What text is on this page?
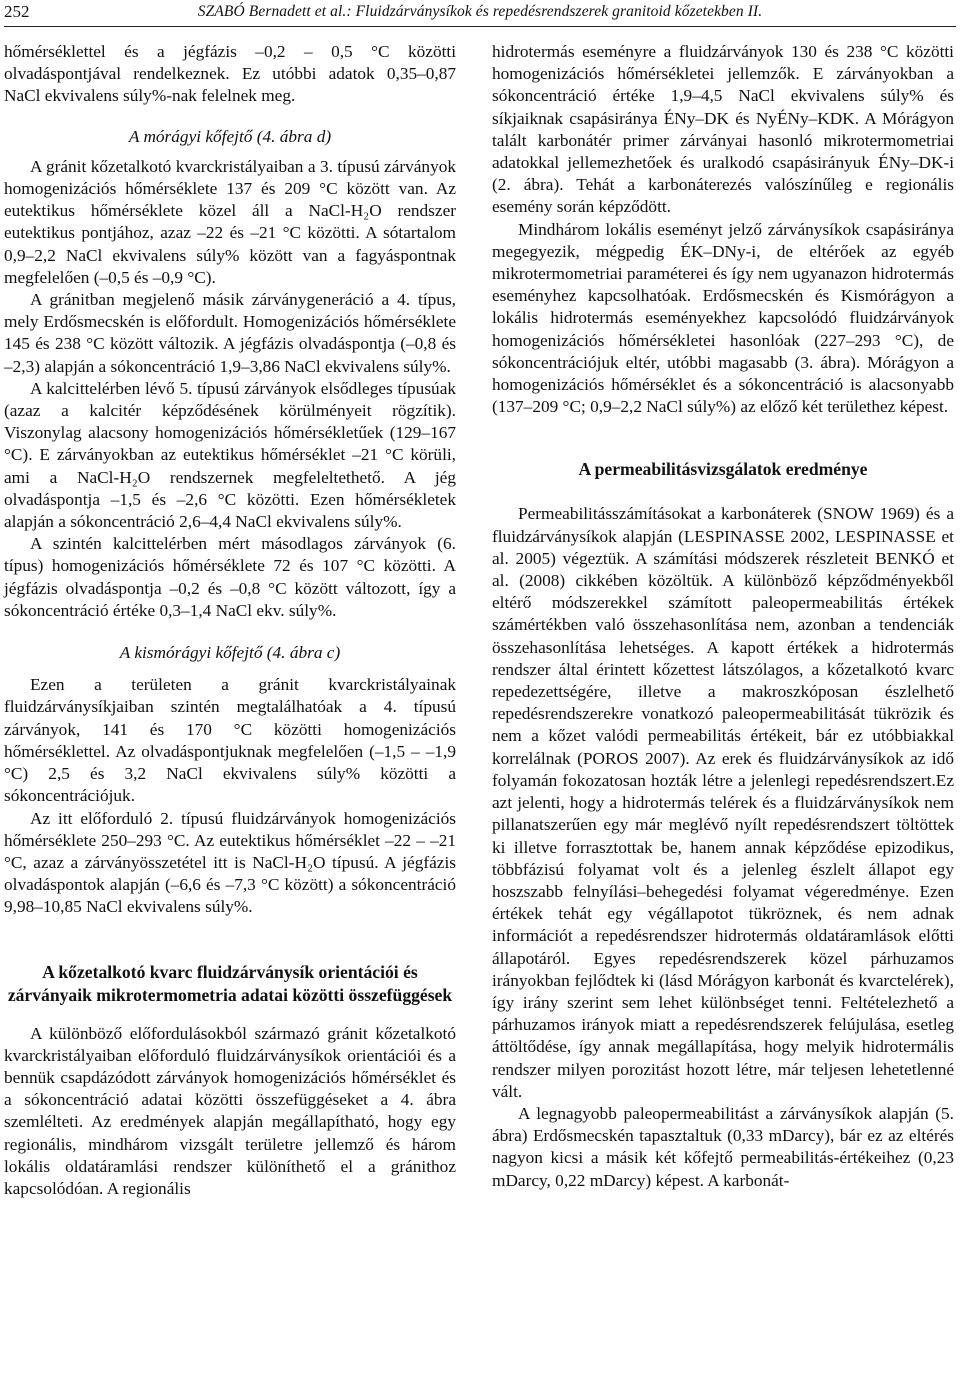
252	SZABÓ Bernadett et al.: Fluidzárványsíkok és repedésrendszerek granitoid kőzetekben II.

hőmérséklettel és a jégfázis –0,2 – 0,5 °C közötti olvadáspontjával rendelkeznek. Ez utóbbi adatok 0,35–0,87 NaCl ekvivalens súly%-nak felelnek meg.

A mórágyi kőfejtő (4. ábra d)

A gránit kőzetalkotó kvarckristályaiban a 3. típusú zárványok homogenizációs hőmérséklete 137 és 209 °C között van. Az eutektikus hőmérséklete közel áll a NaCl-H₂O rendszer eutektikus pontjához, azaz –22 és –21 °C közötti. A sótartalom 0,9–2,2 NaCl ekvivalens súly% között van a fagyáspontnak megfelelően (–0,5 és –0,9 °C).

A gránitban megjelenő másik zárványgeneráció a 4. típus, mely Erdősmecskén is előfordult. Homogenizációs hőmérséklete 145 és 238 °C között változik. A jégfázis olvadáspontja (–0,8 és –2,3) alapján a sókoncentráció 1,9–3,86 NaCl ekvivalens súly%.

A kalcittelérben lévő 5. típusú zárványok elsődleges típusúak (azaz a kalcitér képződésének körülményeit rögzítik). Viszonylag alacsony homogenizációs hőmérsékletűek (129–167 °C). E zárványokban az eutektikus hőmérséklet –21 °C körüli, ami a NaCl-H₂O rendszernek megfeleltethető. A jég olvadáspontja –1,5 és –2,6 °C közötti. Ezen hőmérsékletek alapján a sókoncentráció 2,6–4,4 NaCl ekvivalens súly%.

A szintén kalcittelérben mért másodlagos zárványok (6. típus) homogenizációs hőmérséklete 72 és 107 °C közötti. A jégfázis olvadáspontja –0,2 és –0,8 °C között változott, így a sókoncentráció értéke 0,3–1,4 NaCl ekv. súly%.

A kismórágyi kőfejtő (4. ábra c)

Ezen a területen a gránit kvarckristályainak fluidzárványsíkjaiban szintén megtalálhatóak a 4. típusú zárványok, 141 és 170 °C közötti homogenizációs hőmérséklettel. Az olvadáspontjuknak megfelelően (–1,5 – –1,9 °C) 2,5 és 3,2 NaCl ekvivalens súly% közötti a sókoncentrációjuk.

Az itt előforduló 2. típusú fluidzárványok homogenizációs hőmérséklete 250–293 °C. Az eutektikus hőmérséklet –22 – –21 °C, azaz a zárványösszetétel itt is NaCl-H₂O típusú. A jégfázis olvadáspontok alapján (–6,6 és –7,3 °C között) a sókoncentráció 9,98–10,85 NaCl ekvivalens súly%.

A kőzetalkotó kvarc fluidzárványsík orientációi és zárványaik mikrotermometria adatai közötti összefüggések

A különböző előfordulásokból származó gránit kőzetalkotó kvarckristályaiban előforduló fluidzárványsíkok orientációi és a bennük csapdázódott zárványok homogenizációs hőmérséklet és a sókoncentráció adatai közötti összefüggéseket a 4. ábra szemlélteti. Az eredmények alapján megállapítható, hogy egy regionális, mindhárom vizsgált területre jellemző és három lokális oldatáramlási rendszer különíthető el a gránithoz kapcsolódóan. A regionális

hidrotermás eseményre a fluidzárványok 130 és 238 °C közötti homogenizációs hőmérsékletei jellemzők. E zárványokban a sókoncentráció értéke 1,9–4,5 NaCl ekvivalens súly% és síkjaiknak csapásiránya ÉNy–DK és NyÉNy–KDK. A Mórágyon talált karbonátér primer zárványai hasonló mikrotermometriai adatokkal jellemezhetőek és uralkodó csapásirányuk ÉNy–DK-i (2. ábra). Tehát a karbonáterezés valószínűleg e regionális esemény során képződött.

Mindhárom lokális eseményt jelző zárványsíkok csapásiránya megegyezik, mégpedig ÉK–DNy-i, de eltérőek az egyéb mikrotermometriai paraméterei és így nem ugyanazon hidrotermás eseményhez kapcsolhatóak. Erdősmecskén és Kismórágyon a lokális hidrotermás eseményekhez kapcsolódó fluidzárványok homogenizációs hőmérsékletei hasonlóak (227–293 °C), de sókoncentrációjuk eltér, utóbbi magasabb (3. ábra). Mórágyon a homogenizációs hőmérséklet és a sókoncentráció is alacsonyabb (137–209 °C; 0,9–2,2 NaCl súly%) az előző két területhez képest.

A permeabilitásvizsgálatok eredménye

Permeabilitásszámításokat a karbonáterek (SNOW 1969) és a fluidzárványsíkok alapján (LESPINASSE 2002, LESPINASSE et al. 2005) végeztük. A számítási módszerek részleteit BENKÓ et al. (2008) cikkében közöltük. A különböző képződményekből eltérő módszerekkel számított paleopermeabilitás értékek számértékben való összehasonlítása nem, azonban a tendenciák összehasonlítása lehetséges. A kapott értékek a hidrotermás rendszer által érintett kőzettest látszólagos, a kőzetalkotó kvarc repedezettségére, illetve a makroszkóposan észlelhető repedésrendszerekre vonatkozó paleopermeabilitását tükrözik és nem a kőzet valódi permeabilitás értékeit, bár ez utóbbiakkal korrelálnak (POROS 2007). Az erek és fluidzárványsíkok az idő folyamán fokozatosan hozták létre a jelenlegi repedésrendszert.Ez azt jelenti, hogy a hidrotermás telérek és a fluidzárványsíkok nem pillanatszerűen egy már meglévő nyílt repedésrendszert töltöttek ki illetve forrasztottak be, hanem annak képződése epizodikus, többfázisú folyamat volt és a jelenleg észlelt állapot egy hoszszabb felnyílási–behegedési folyamat végeredménye. Ezen értékek tehát egy végállapotot tükröznek, és nem adnak információt a repedésrendszer hidrotermás oldatáramlások előtti állapotáról. Egyes repedésrendszerek közel párhuzamos irányokban fejlődtek ki (lásd Mórágyon karbonát és kvarctelérek), így irány szerint sem lehet különbséget tenni. Feltételezhető a párhuzamos irányok miatt a repedésrendszerek felújulása, esetleg áttöltődése, így annak megállapítása, hogy melyik hidrotermális rendszer milyen porozitást hozott létre, már teljesen lehetetlenné vált.

A legnagyobb paleopermeabilitást a zárványsíkok alapján (5. ábra) Erdősmecskén tapasztaltuk (0,33 mDarcy), bár ez az eltérés nagyon kicsi a másik két kőfejtő permeabilitás-értékeihez (0,23 mDarcy, 0,22 mDarcy) képest. A karbonát-
